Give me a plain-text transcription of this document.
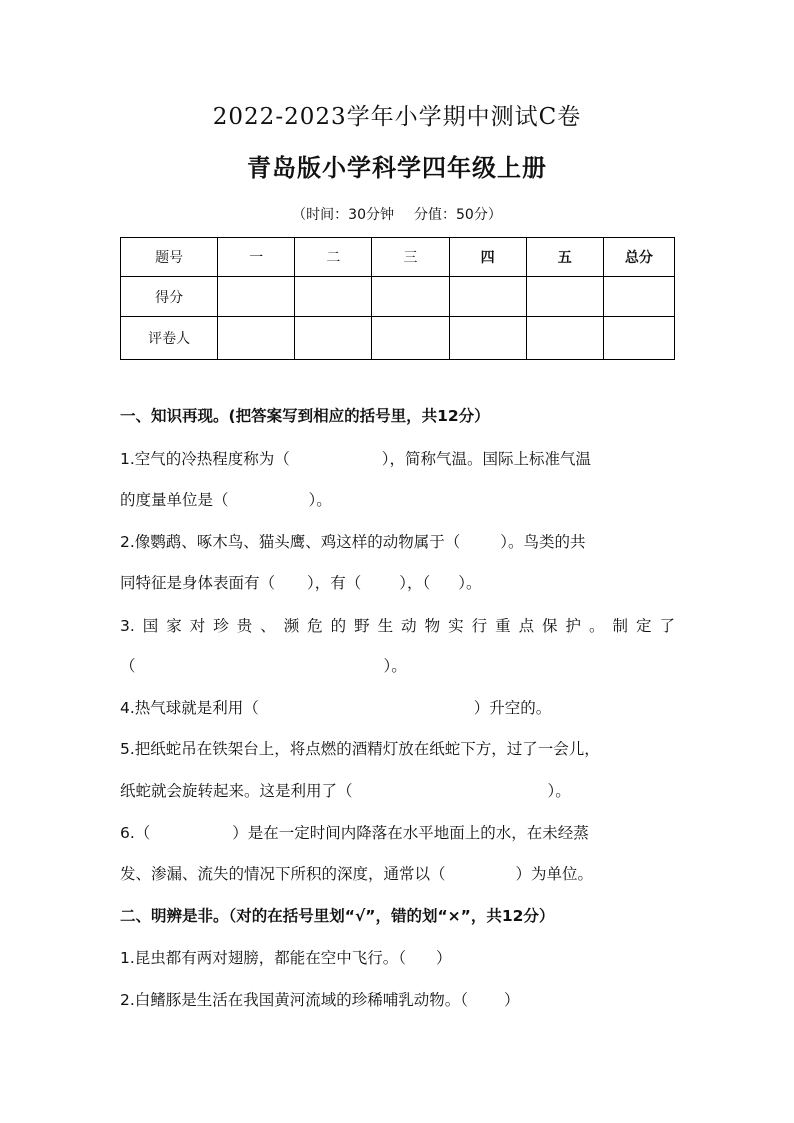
2022-2023学年小学期中测试C卷
青岛版小学科学四年级上册
（时间：30分钟 分值：50分）
题号	一	二	三	四	五	总分
得分						
评卷人						
一、知识再现。(把答案写到相应的括号里，共12分）
1.空气的冷热程度称为（	），简称气温。国际上标准气温
的度量单位是（	）。
2.像鹦鹉、啄木鸟、猫头鹰、鸡这样的动物属于（	）。鸟类的共
同特征是身体表面有（ ），有（ ），（ ）。
3.国家对珍贵、濒危的野生动物实行重点保护。制定了
（	）。
4.热气球就是利用（	）升空的。
5.把纸蛇吊在铁架台上，将点燃的酒精灯放在纸蛇下方，过了一会儿，
纸蛇就会旋转起来。这是利用了（	）。
6.（	）是在一定时间内降落在水平地面上的水，在未经蒸
发、渗漏、流失的情况下所积的深度，通常以（	）为单位。
二、明辨是非。（对的在括号里划“√”，错的划“×”，共12分）
1.昆虫都有两对翅膀，都能在空中飞行。（ ）
2.白鳍豚是生活在我国黄河流域的珍稀哺乳动物。（ ）
